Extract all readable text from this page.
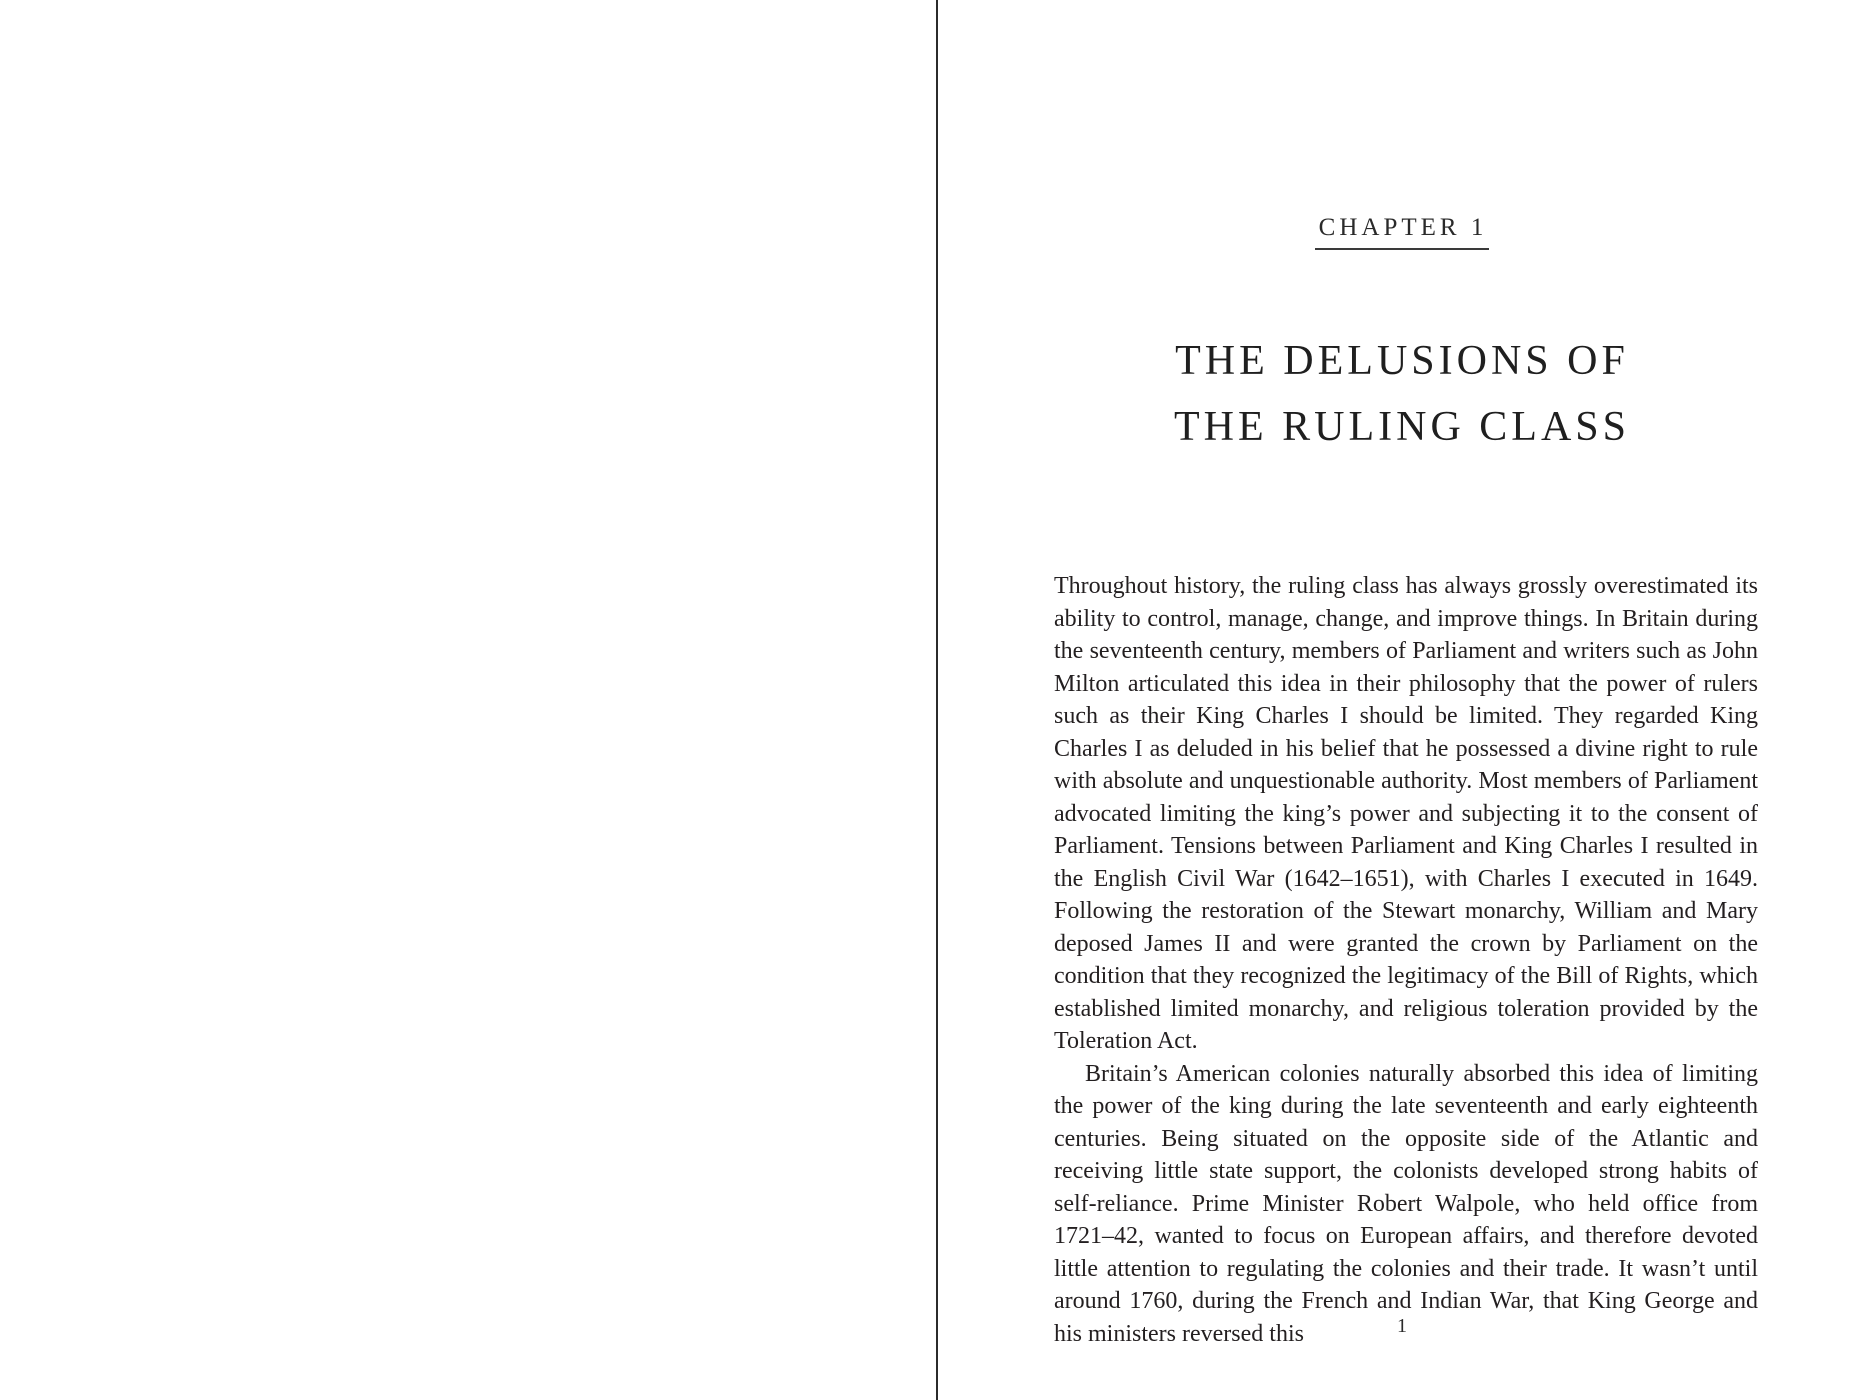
CHAPTER 1
THE DELUSIONS OF
THE RULING CLASS

Throughout history, the ruling class has always grossly overestimated its ability to control, manage, change, and improve things. In Britain during the seventeenth century, members of Parliament and writers such as John Milton articulated this idea in their philosophy that the power of rulers such as their King Charles I should be limited. They regarded King Charles I as deluded in his belief that he possessed a divine right to rule with absolute and unquestionable authority. Most members of Parliament advocated limiting the king’s power and subjecting it to the consent of Parliament. Tensions between Parliament and King Charles I resulted in the English Civil War (1642–1651), with Charles I executed in 1649. Following the restoration of the Stewart monarchy, William and Mary deposed James II and were granted the crown by Parliament on the condition that they recognized the legitimacy of the Bill of Rights, which established limited monarchy, and religious toleration provided by the Toleration Act.

Britain’s American colonies naturally absorbed this idea of limiting the power of the king during the late seventeenth and early eighteenth centuries. Being situated on the opposite side of the Atlantic and receiving little state support, the colonists developed strong habits of self-reliance. Prime Minister Robert Walpole, who held office from 1721–42, wanted to focus on European affairs, and therefore devoted little attention to regulating the colonies and their trade. It wasn’t until around 1760, during the French and Indian War, that King George and his ministers reversed this	1
